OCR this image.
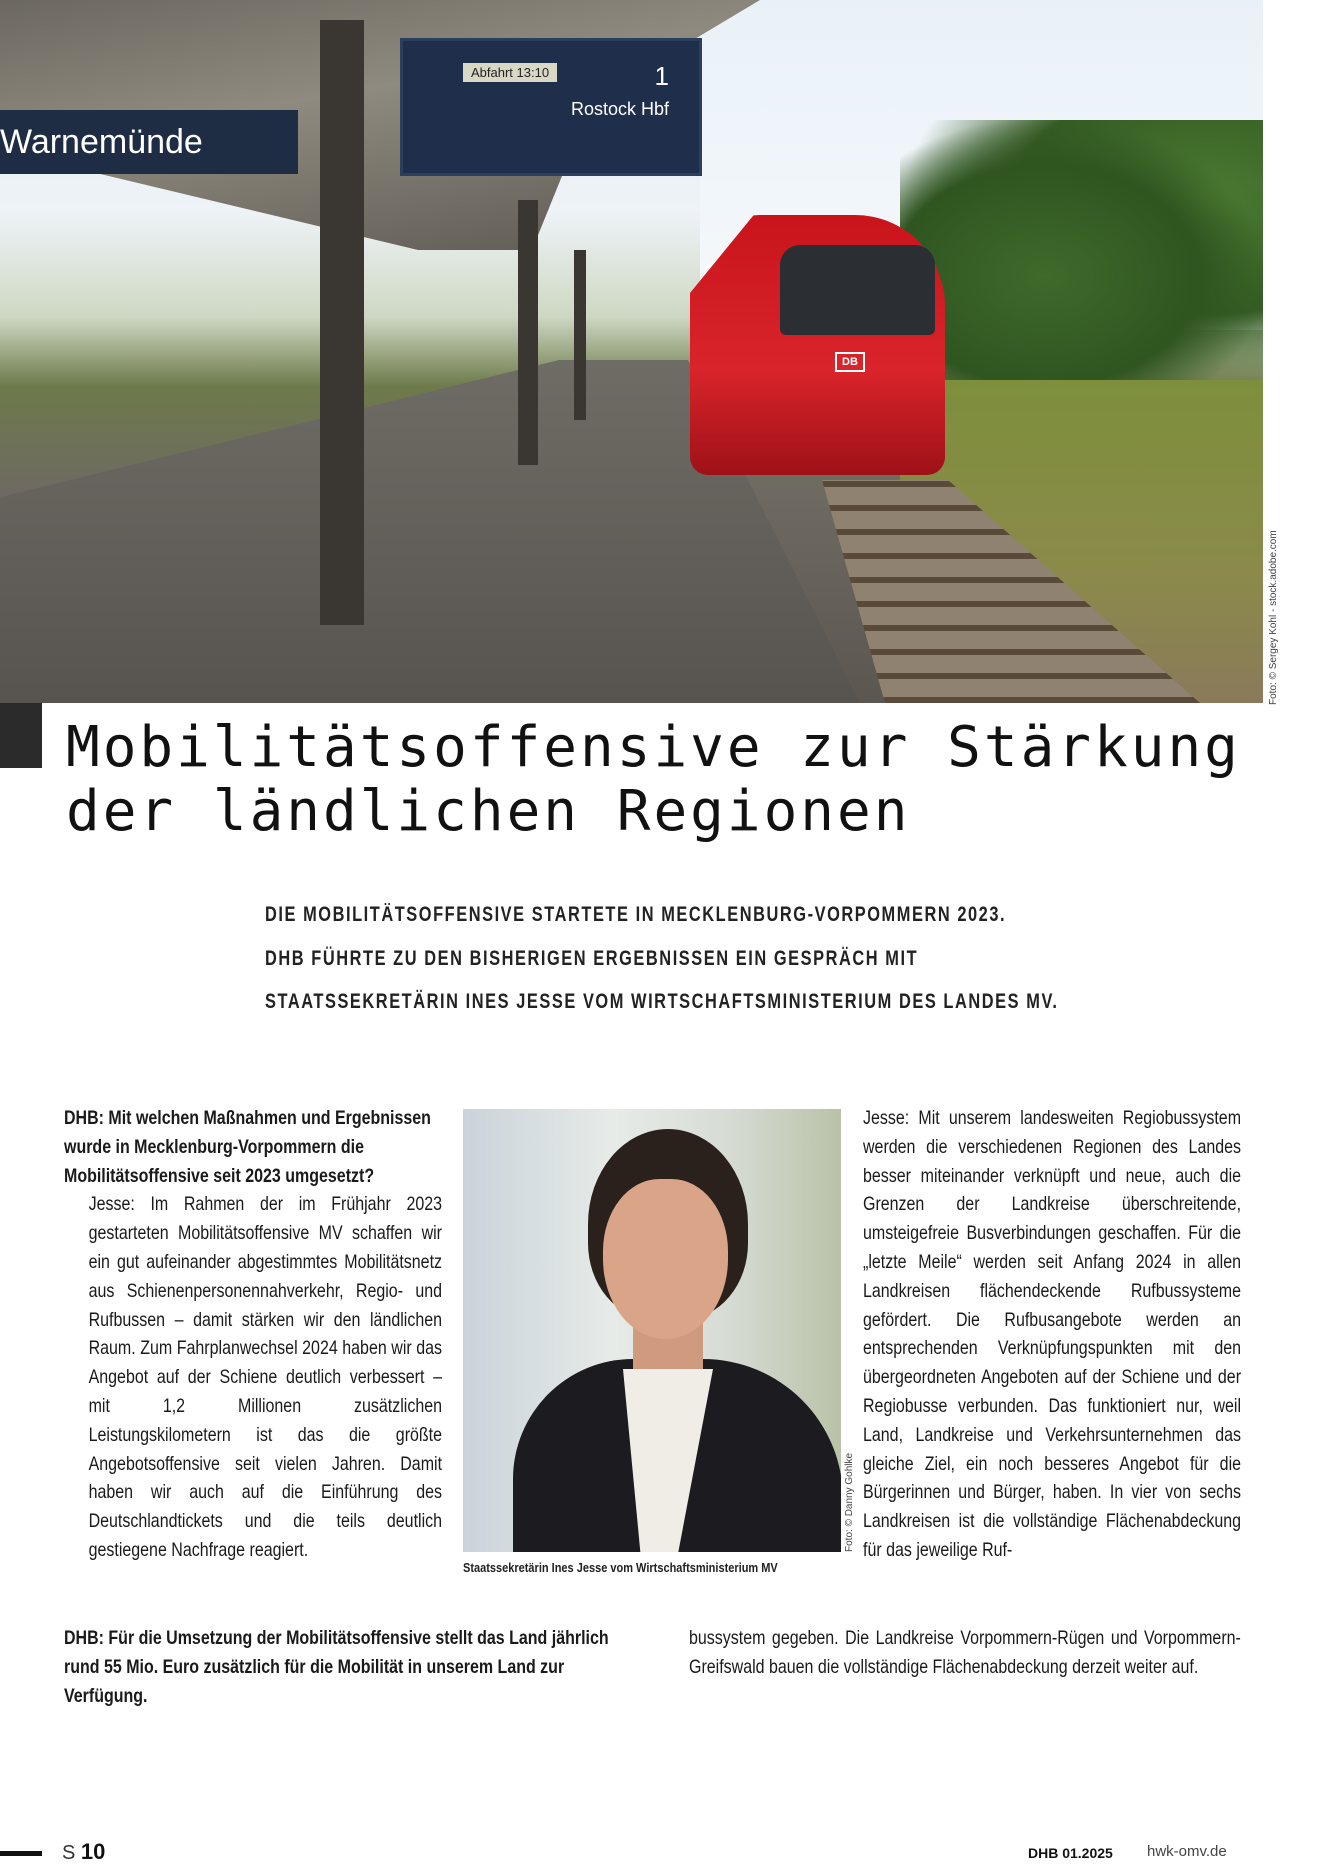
DB
Warnemünde
Abfahrt 13:10	1
Rostock Hbf
Foto: © Sergey Kohl - stock.adobe.com
Mobilitätsoffensive zur Stärkung
der ländlichen Regionen
DIE MOBILITÄTSOFFENSIVE STARTETE IN MECKLENBURG-VORPOMMERN 2023.
DHB FÜHRTE ZU DEN BISHERIGEN ERGEBNISSEN EIN GESPRÄCH MIT
STAATSSEKRETÄRIN INES JESSE VOM WIRTSCHAFTSMINISTERIUM DES LANDES MV.

DHB: Mit welchen Maßnahmen und Ergebnissen wurde in Mecklenburg-Vorpommern die Mobilitätsoffensive seit 2023 umgesetzt?

Jesse: Im Rahmen der im Frühjahr 2023 gestarteten Mobilitätsoffensive MV schaffen wir ein gut aufeinander abgestimmtes Mobilitätsnetz aus Schienenpersonennahverkehr, Regio- und Rufbussen – damit stärken wir den ländlichen Raum. Zum Fahrplanwechsel 2024 haben wir das Angebot auf der Schiene deutlich verbessert – mit 1,2 Millionen zusätzlichen Leistungskilometern ist das die größte Angebotsoffensive seit vielen Jahren. Damit haben wir auch auf die Einführung des Deutschlandtickets und die teils deutlich gestiegene Nachfrage reagiert.	Foto: © Danny Gohlke
Staatssekretärin Ines Jesse vom Wirtschaftsministerium MV

Jesse: Mit unserem landesweiten Regiobussystem werden die verschiedenen Regionen des Landes besser miteinander verknüpft und neue, auch die Grenzen der Landkreise überschreitende, umsteigefreie Busverbindungen geschaffen. Für die „letzte Meile“ werden seit Anfang 2024 in allen Landkreisen flächendeckende Rufbussysteme gefördert. Die Rufbusangebote werden an entsprechenden Verknüpfungspunkten mit den übergeordneten Angeboten auf der Schiene und der Regiobusse verbunden. Das funktioniert nur, weil Land, Landkreise und Verkehrsunternehmen das gleiche Ziel, ein noch besseres Angebot für die Bürgerinnen und Bürger, haben. In vier von sechs Landkreisen ist die vollständige Flächenabdeckung für das jeweilige Ruf-

DHB: Für die Umsetzung der Mobilitätsoffensive stellt das Land jährlich rund 55 Mio. Euro zusätzlich für die Mobilität in unserem Land zur Verfügung.
bussystem gegeben. Die Landkreise Vorpommern-Rügen und Vorpommern-Greifswald bauen die vollständige Flächenabdeckung derzeit weiter auf.
S 10	DHB 01.2025 hwk-omv.de
